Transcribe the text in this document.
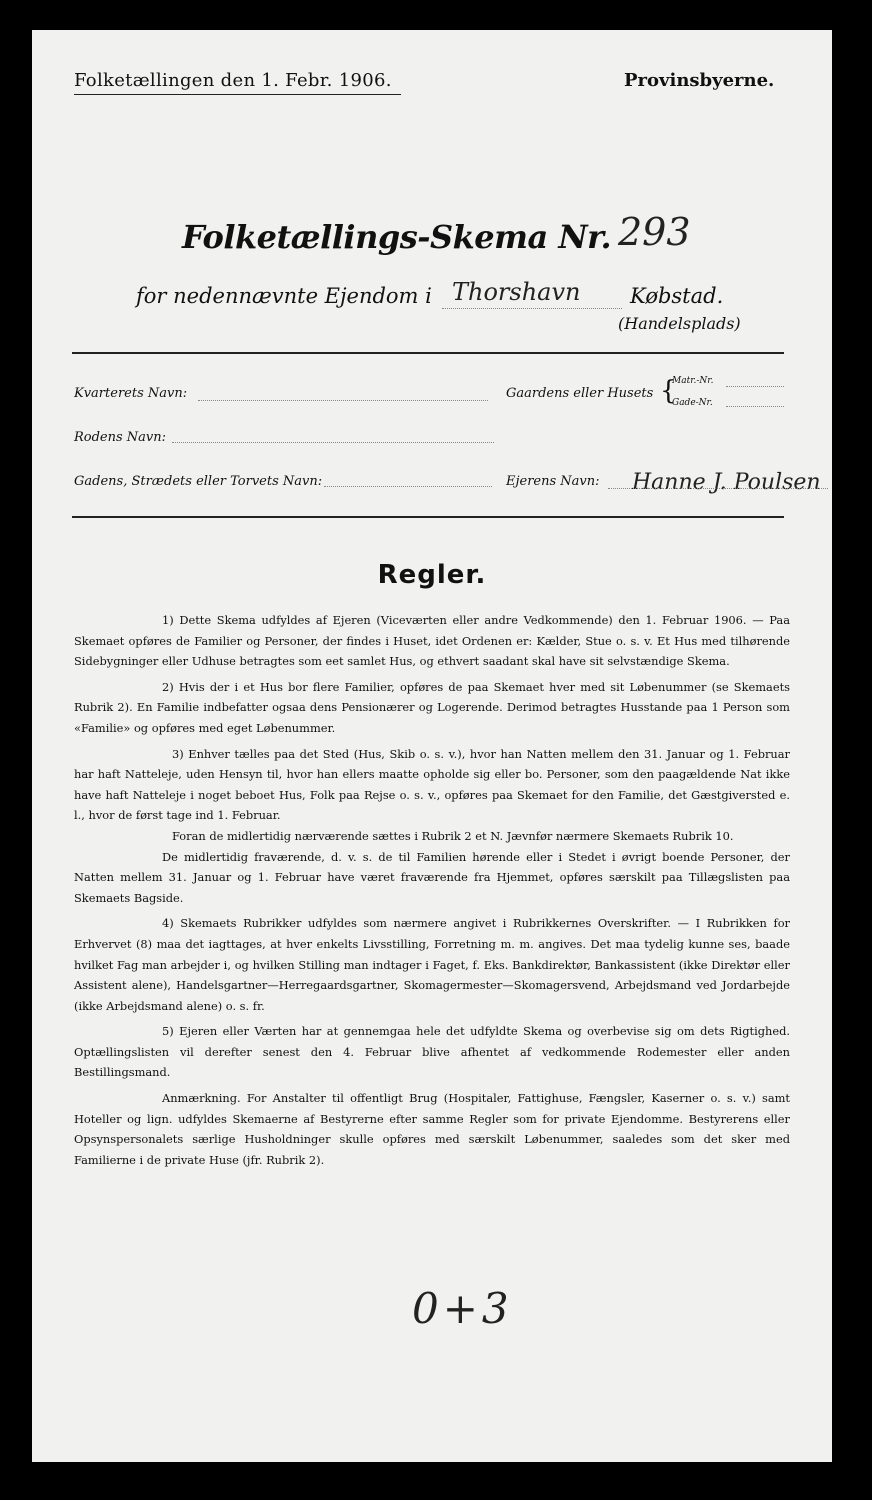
Folketællingen den 1. Febr. 1906.	Provinsbyerne.
Folketællings-Skema Nr. 293
for nedennævnte Ejendom i Thorshavn Købstad.
(Handelsplads)
Kvarterets Navn:	Gaardens eller Husets {
Matr.-Nr.
Gade-Nr.
Rodens Navn:
Gadens, Strædets eller Torvets Navn:	Ejerens Navn: Hanne J. Poulsen
Regler.

1) Dette Skema udfyldes af Ejeren (Viceværten eller andre Vedkommende) den 1. Februar 1906. — Paa Skemaet opføres de Familier og Personer, der findes i Huset, idet Ordenen er: Kælder, Stue o. s. v. Et Hus med tilhørende Sidebygninger eller Udhuse betragtes som eet samlet Hus, og ethvert saadant skal have sit selvstændige Skema.

2) Hvis der i et Hus bor flere Familier, opføres de paa Skemaet hver med sit Løbenummer (se Skemaets Rubrik 2). En Familie indbefatter ogsaa dens Pensionærer og Logerende. Derimod betragtes Husstande paa 1 Person som «Familie» og opføres med eget Løbenummer.

3) Enhver tælles paa det Sted (Hus, Skib o. s. v.), hvor han Natten mellem den 31. Januar og 1. Februar har haft Natteleje, uden Hensyn til, hvor han ellers maatte opholde sig eller bo. Personer, som den paagældende Nat ikke have haft Natteleje i noget beboet Hus, Folk paa Rejse o. s. v., opføres paa Skemaet for den Familie, det Gæstgiversted e. l., hvor de først tage ind 1. Februar.

Foran de midlertidig nærværende sættes i Rubrik 2 et N. Jævnfør nærmere Skemaets Rubrik 10.

De midlertidig fraværende, d. v. s. de til Familien hørende eller i Stedet i øvrigt boende Personer, der Natten mellem 31. Januar og 1. Februar have været fraværende fra Hjemmet, opføres særskilt paa Tillægslisten paa Skemaets Bagside.

4) Skemaets Rubrikker udfyldes som nærmere angivet i Rubrikkernes Overskrifter. — I Rubrikken for Erhvervet (8) maa det iagttages, at hver enkelts Livsstilling, Forretning m. m. angives. Det maa tydelig kunne ses, baade hvilket Fag man arbejder i, og hvilken Stilling man indtager i Faget, f. Eks. Bankdirektør, Bankassistent (ikke Direktør eller Assistent alene), Handelsgartner—Herregaardsgartner, Skomagermester—Skomagersvend, Arbejdsmand ved Jordarbejde (ikke Arbejdsmand alene) o. s. fr.

5) Ejeren eller Værten har at gennemgaa hele det udfyldte Skema og overbevise sig om dets Rigtighed. Optællingslisten vil derefter senest den 4. Februar blive afhentet af vedkommende Rodemester eller anden Bestillingsmand.

Anmærkning. For Anstalter til offentligt Brug (Hospitaler, Fattighuse, Fængsler, Kaserner o. s. v.) samt Hoteller og lign. udfyldes Skemaerne af Bestyrerne efter samme Regler som for private Ejendomme. Bestyrerens eller Opsynspersonalets særlige Husholdninger skulle opføres med særskilt Løbenummer, saaledes som det sker med Familierne i de private Huse (jfr. Rubrik 2).

0+3
